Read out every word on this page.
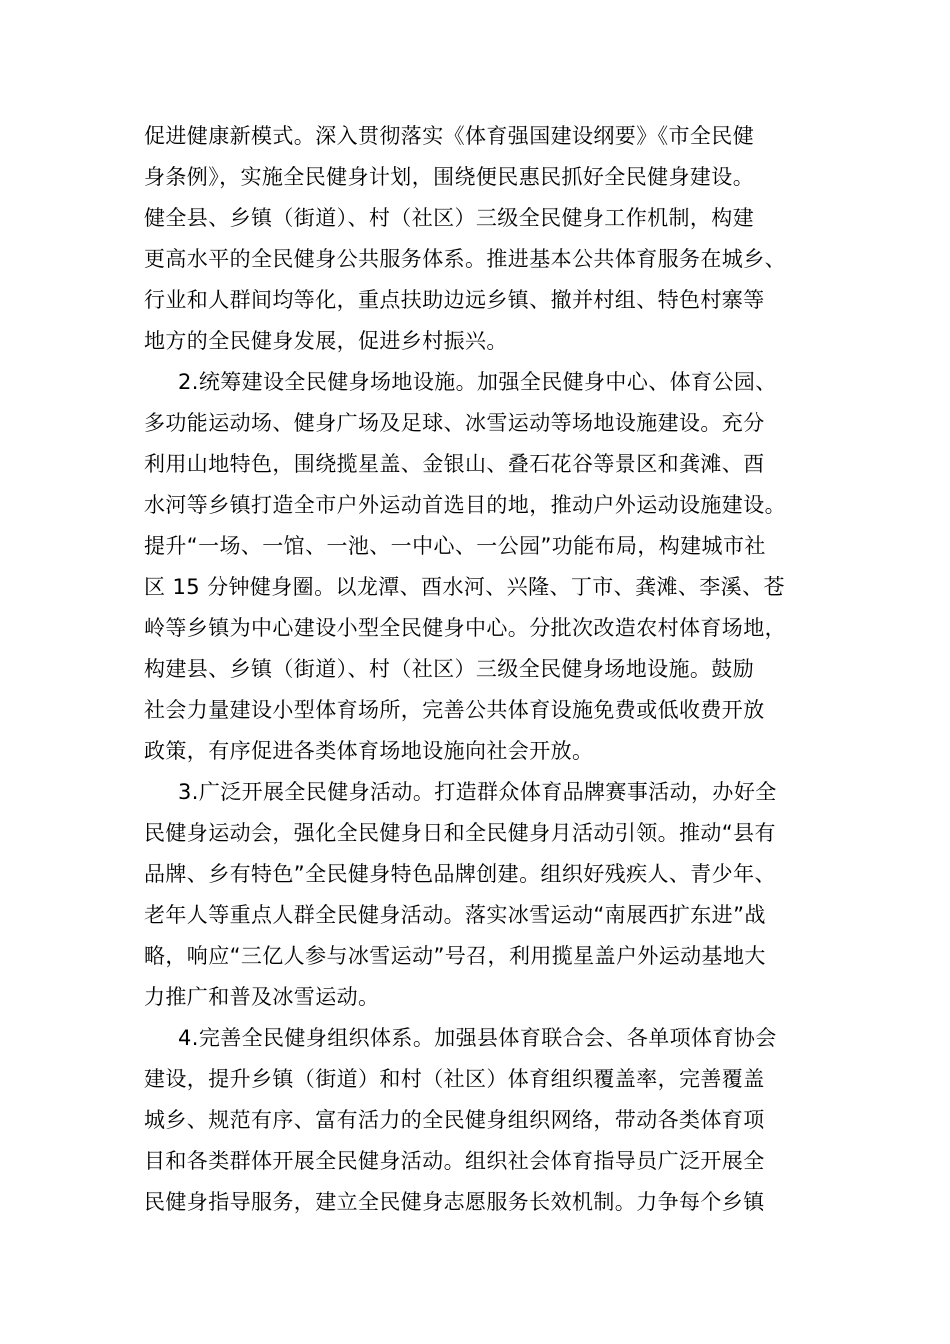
促进健康新模式。深入贯彻落实《体育强国建设纲要》《市全民健
身条例》，实施全民健身计划，围绕便民惠民抓好全民健身建设。
健全县、乡镇（街道）、村（社区）三级全民健身工作机制，构建
更高水平的全民健身公共服务体系。推进基本公共体育服务在城乡、
行业和人群间均等化，重点扶助边远乡镇、撤并村组、特色村寨等
地方的全民健身发展，促进乡村振兴。
2.统筹建设全民健身场地设施。加强全民健身中心、体育公园、
多功能运动场、健身广场及足球、冰雪运动等场地设施建设。充分
利用山地特色，围绕揽星盖、金银山、叠石花谷等景区和龚滩、酉
水河等乡镇打造全市户外运动首选目的地，推动户外运动设施建设。
提升“一场、一馆、一池、一中心、一公园”功能布局，构建城市社
区 15 分钟健身圈。以龙潭、酉水河、兴隆、丁市、龚滩、李溪、苍
岭等乡镇为中心建设小型全民健身中心。分批次改造农村体育场地，
构建县、乡镇（街道）、村（社区）三级全民健身场地设施。鼓励
社会力量建设小型体育场所，完善公共体育设施免费或低收费开放
政策，有序促进各类体育场地设施向社会开放。
3.广泛开展全民健身活动。打造群众体育品牌赛事活动，办好全
民健身运动会，强化全民健身日和全民健身月活动引领。推动“县有
品牌、乡有特色”全民健身特色品牌创建。组织好残疾人、青少年、
老年人等重点人群全民健身活动。落实冰雪运动“南展西扩东进”战
略，响应“三亿人参与冰雪运动”号召，利用揽星盖户外运动基地大
力推广和普及冰雪运动。
4.完善全民健身组织体系。加强县体育联合会、各单项体育协会
建设，提升乡镇（街道）和村（社区）体育组织覆盖率，完善覆盖
城乡、规范有序、富有活力的全民健身组织网络，带动各类体育项
目和各类群体开展全民健身活动。组织社会体育指导员广泛开展全
民健身指导服务，建立全民健身志愿服务长效机制。力争每个乡镇
